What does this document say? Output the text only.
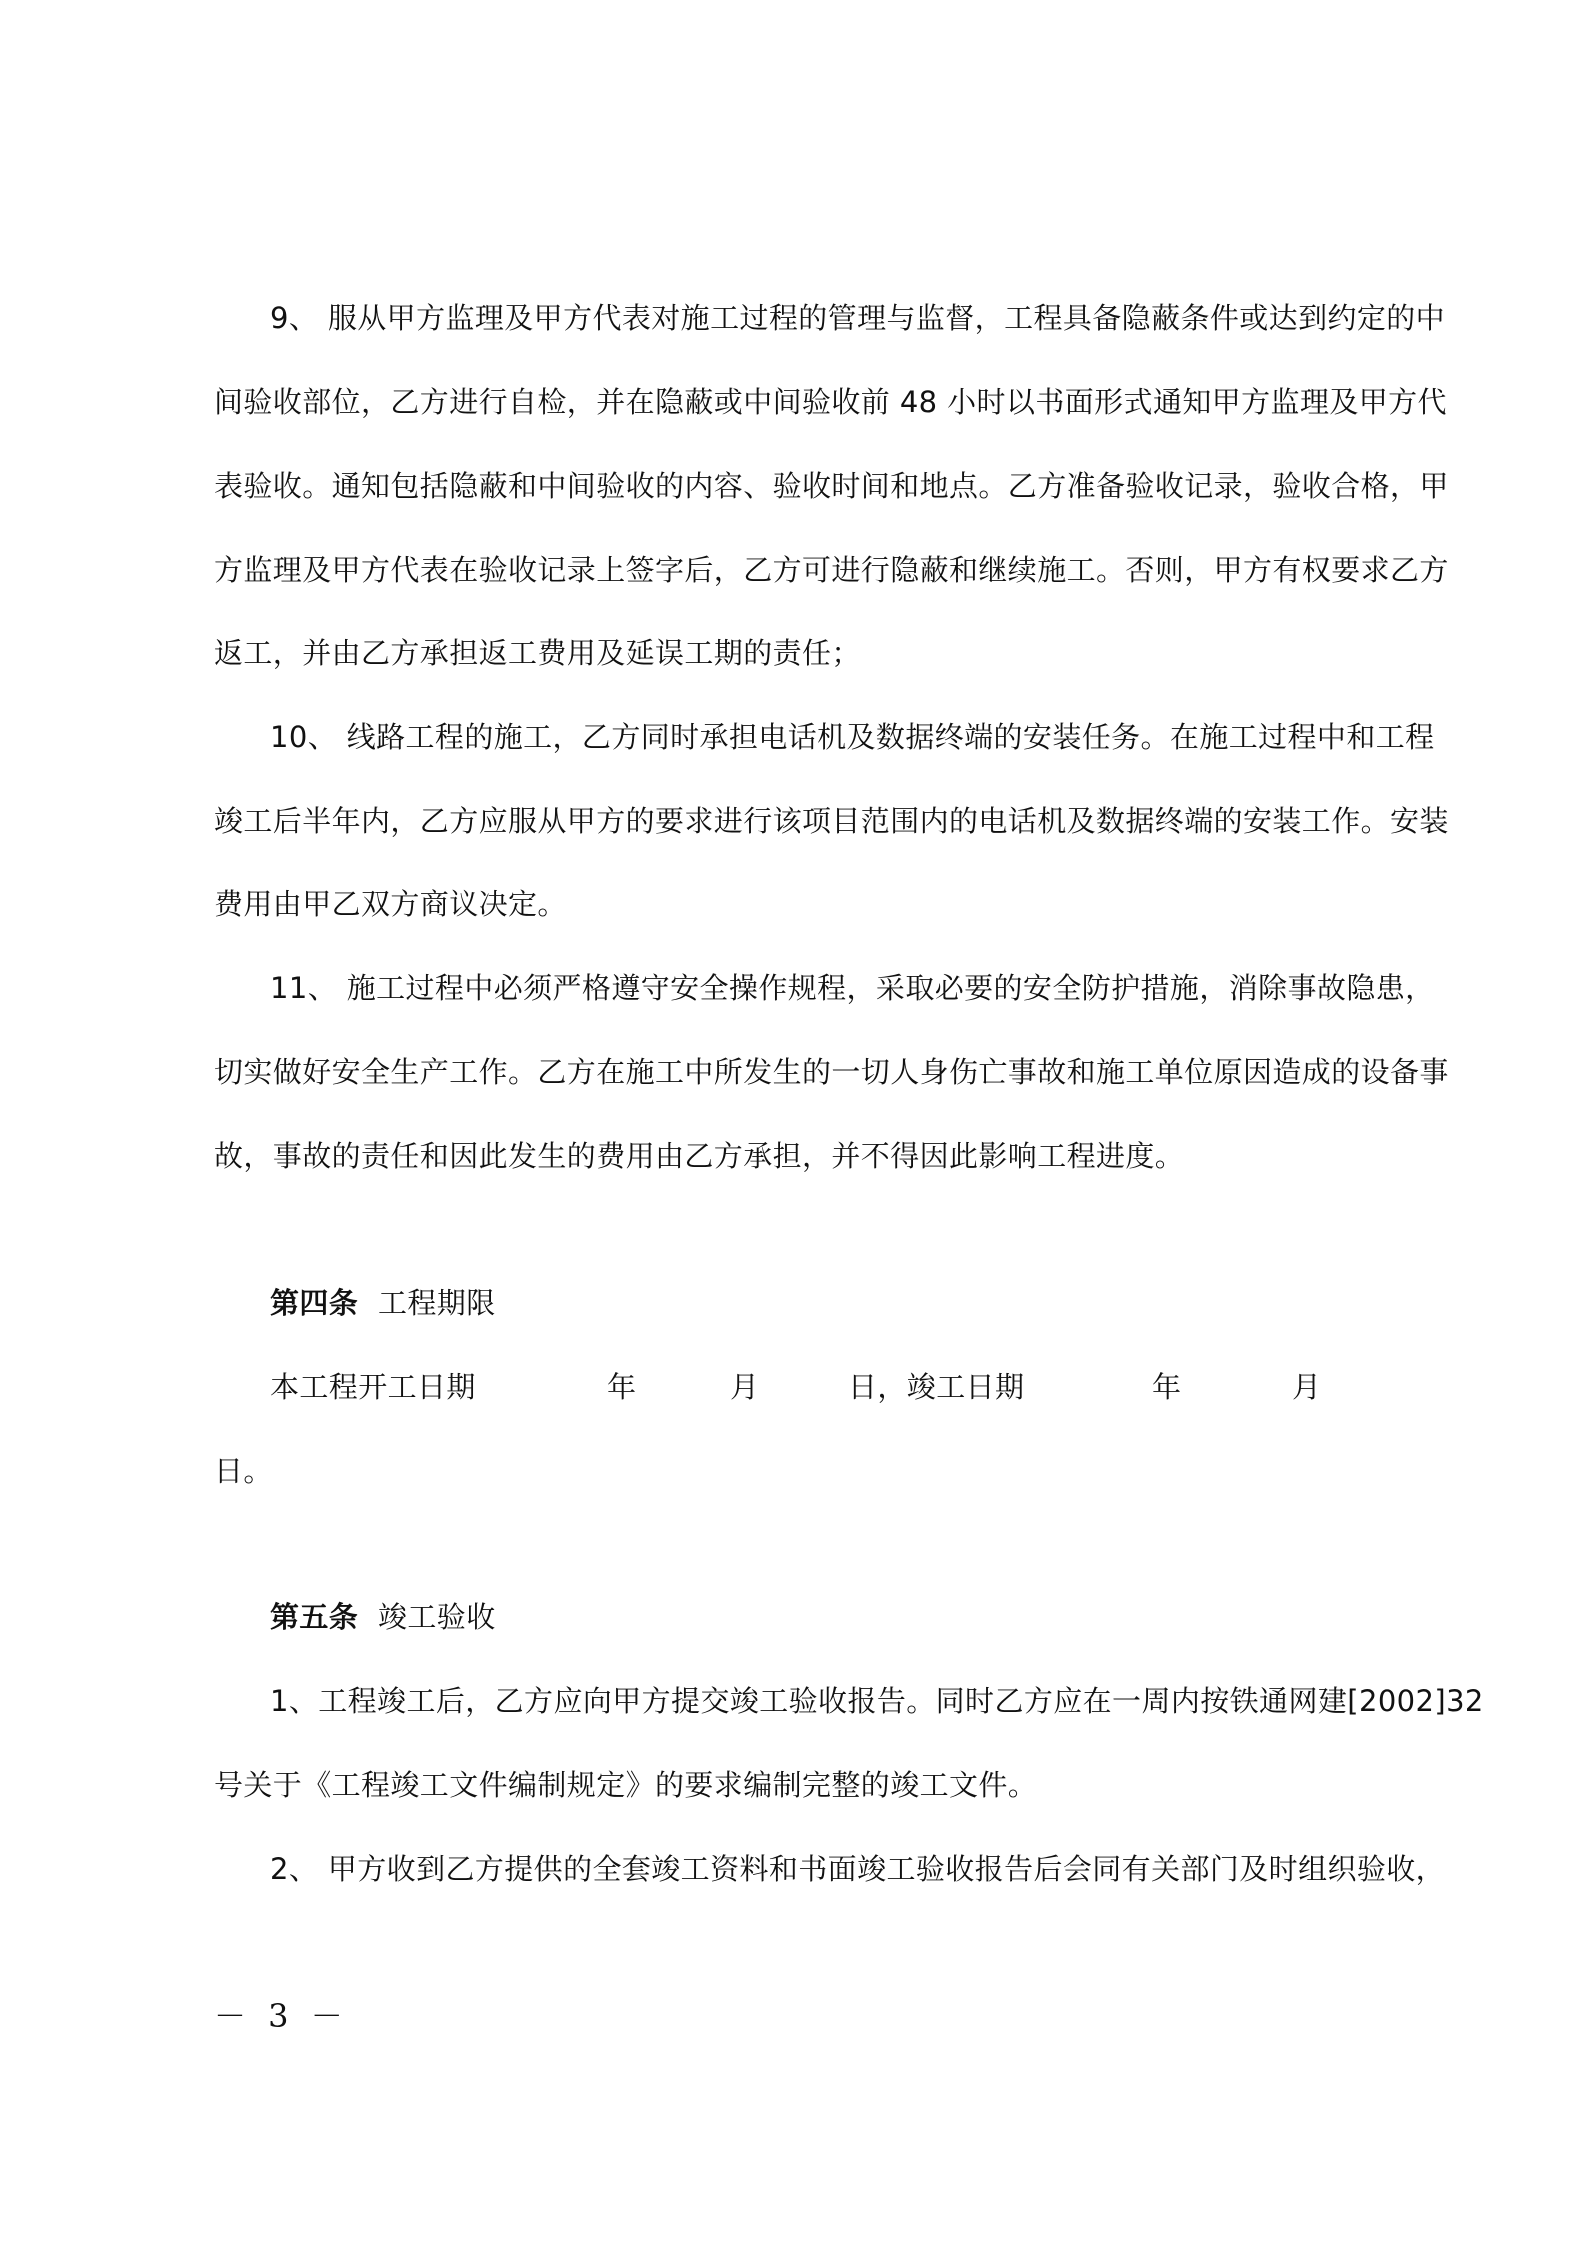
9、 服从甲方监理及甲方代表对施工过程的管理与监督，工程具备隐蔽条件或达到约定的中
间验收部位，乙方进行自检，并在隐蔽或中间验收前 48 小时以书面形式通知甲方监理及甲方代
表验收。通知包括隐蔽和中间验收的内容、验收时间和地点。乙方准备验收记录，验收合格，甲
方监理及甲方代表在验收记录上签字后，乙方可进行隐蔽和继续施工。否则，甲方有权要求乙方
返工，并由乙方承担返工费用及延误工期的责任；
10、 线路工程的施工，乙方同时承担电话机及数据终端的安装任务。在施工过程中和工程
竣工后半年内，乙方应服从甲方的要求进行该项目范围内的电话机及数据终端的安装工作。安装
费用由甲乙双方商议决定。
11、 施工过程中必须严格遵守安全操作规程，采取必要的安全防护措施，消除事故隐患，
切实做好安全生产工作。乙方在施工中所发生的一切人身伤亡事故和施工单位原因造成的设备事
故，事故的责任和因此发生的费用由乙方承担，并不得因此影响工程进度。
第四条 工程期限
本工程开工日期	年	月	日，竣工日期	年	月
日。
第五条 竣工验收
1、工程竣工后，乙方应向甲方提交竣工验收报告。同时乙方应在一周内按铁通网建[2002]32
号关于《工程竣工文件编制规定》的要求编制完整的竣工文件。
2、 甲方收到乙方提供的全套竣工资料和书面竣工验收报告后会同有关部门及时组织验收，
－ 3 －
